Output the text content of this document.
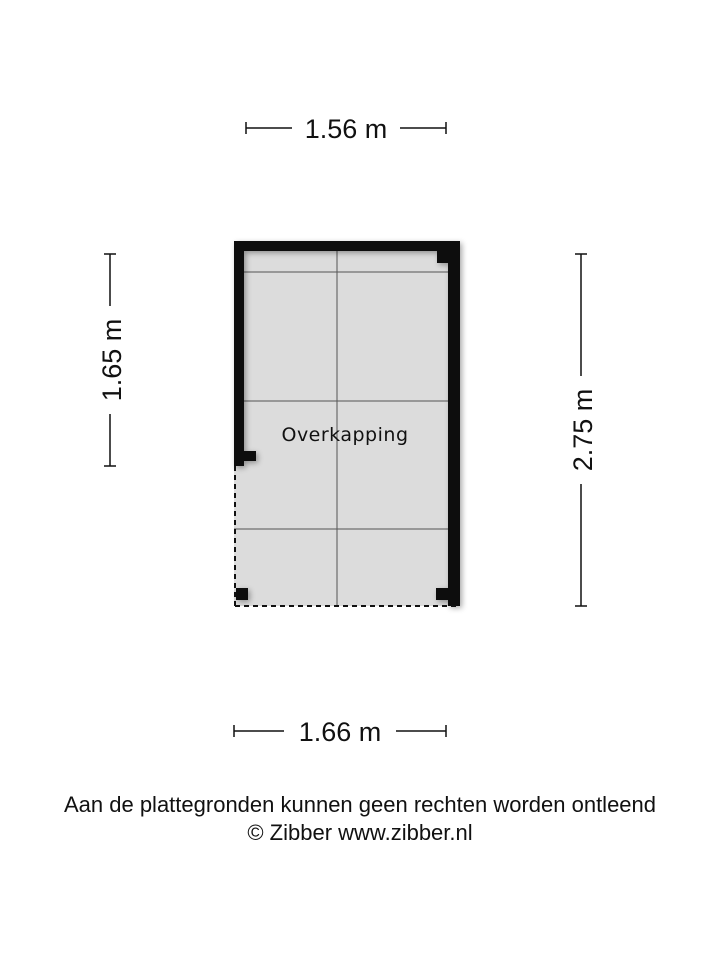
Overkapping
1.56 m
1.66 m
1.65 m
2.75 m
Aan de plattegronden kunnen geen rechten worden ontleend
© Zibber www.zibber.nl
